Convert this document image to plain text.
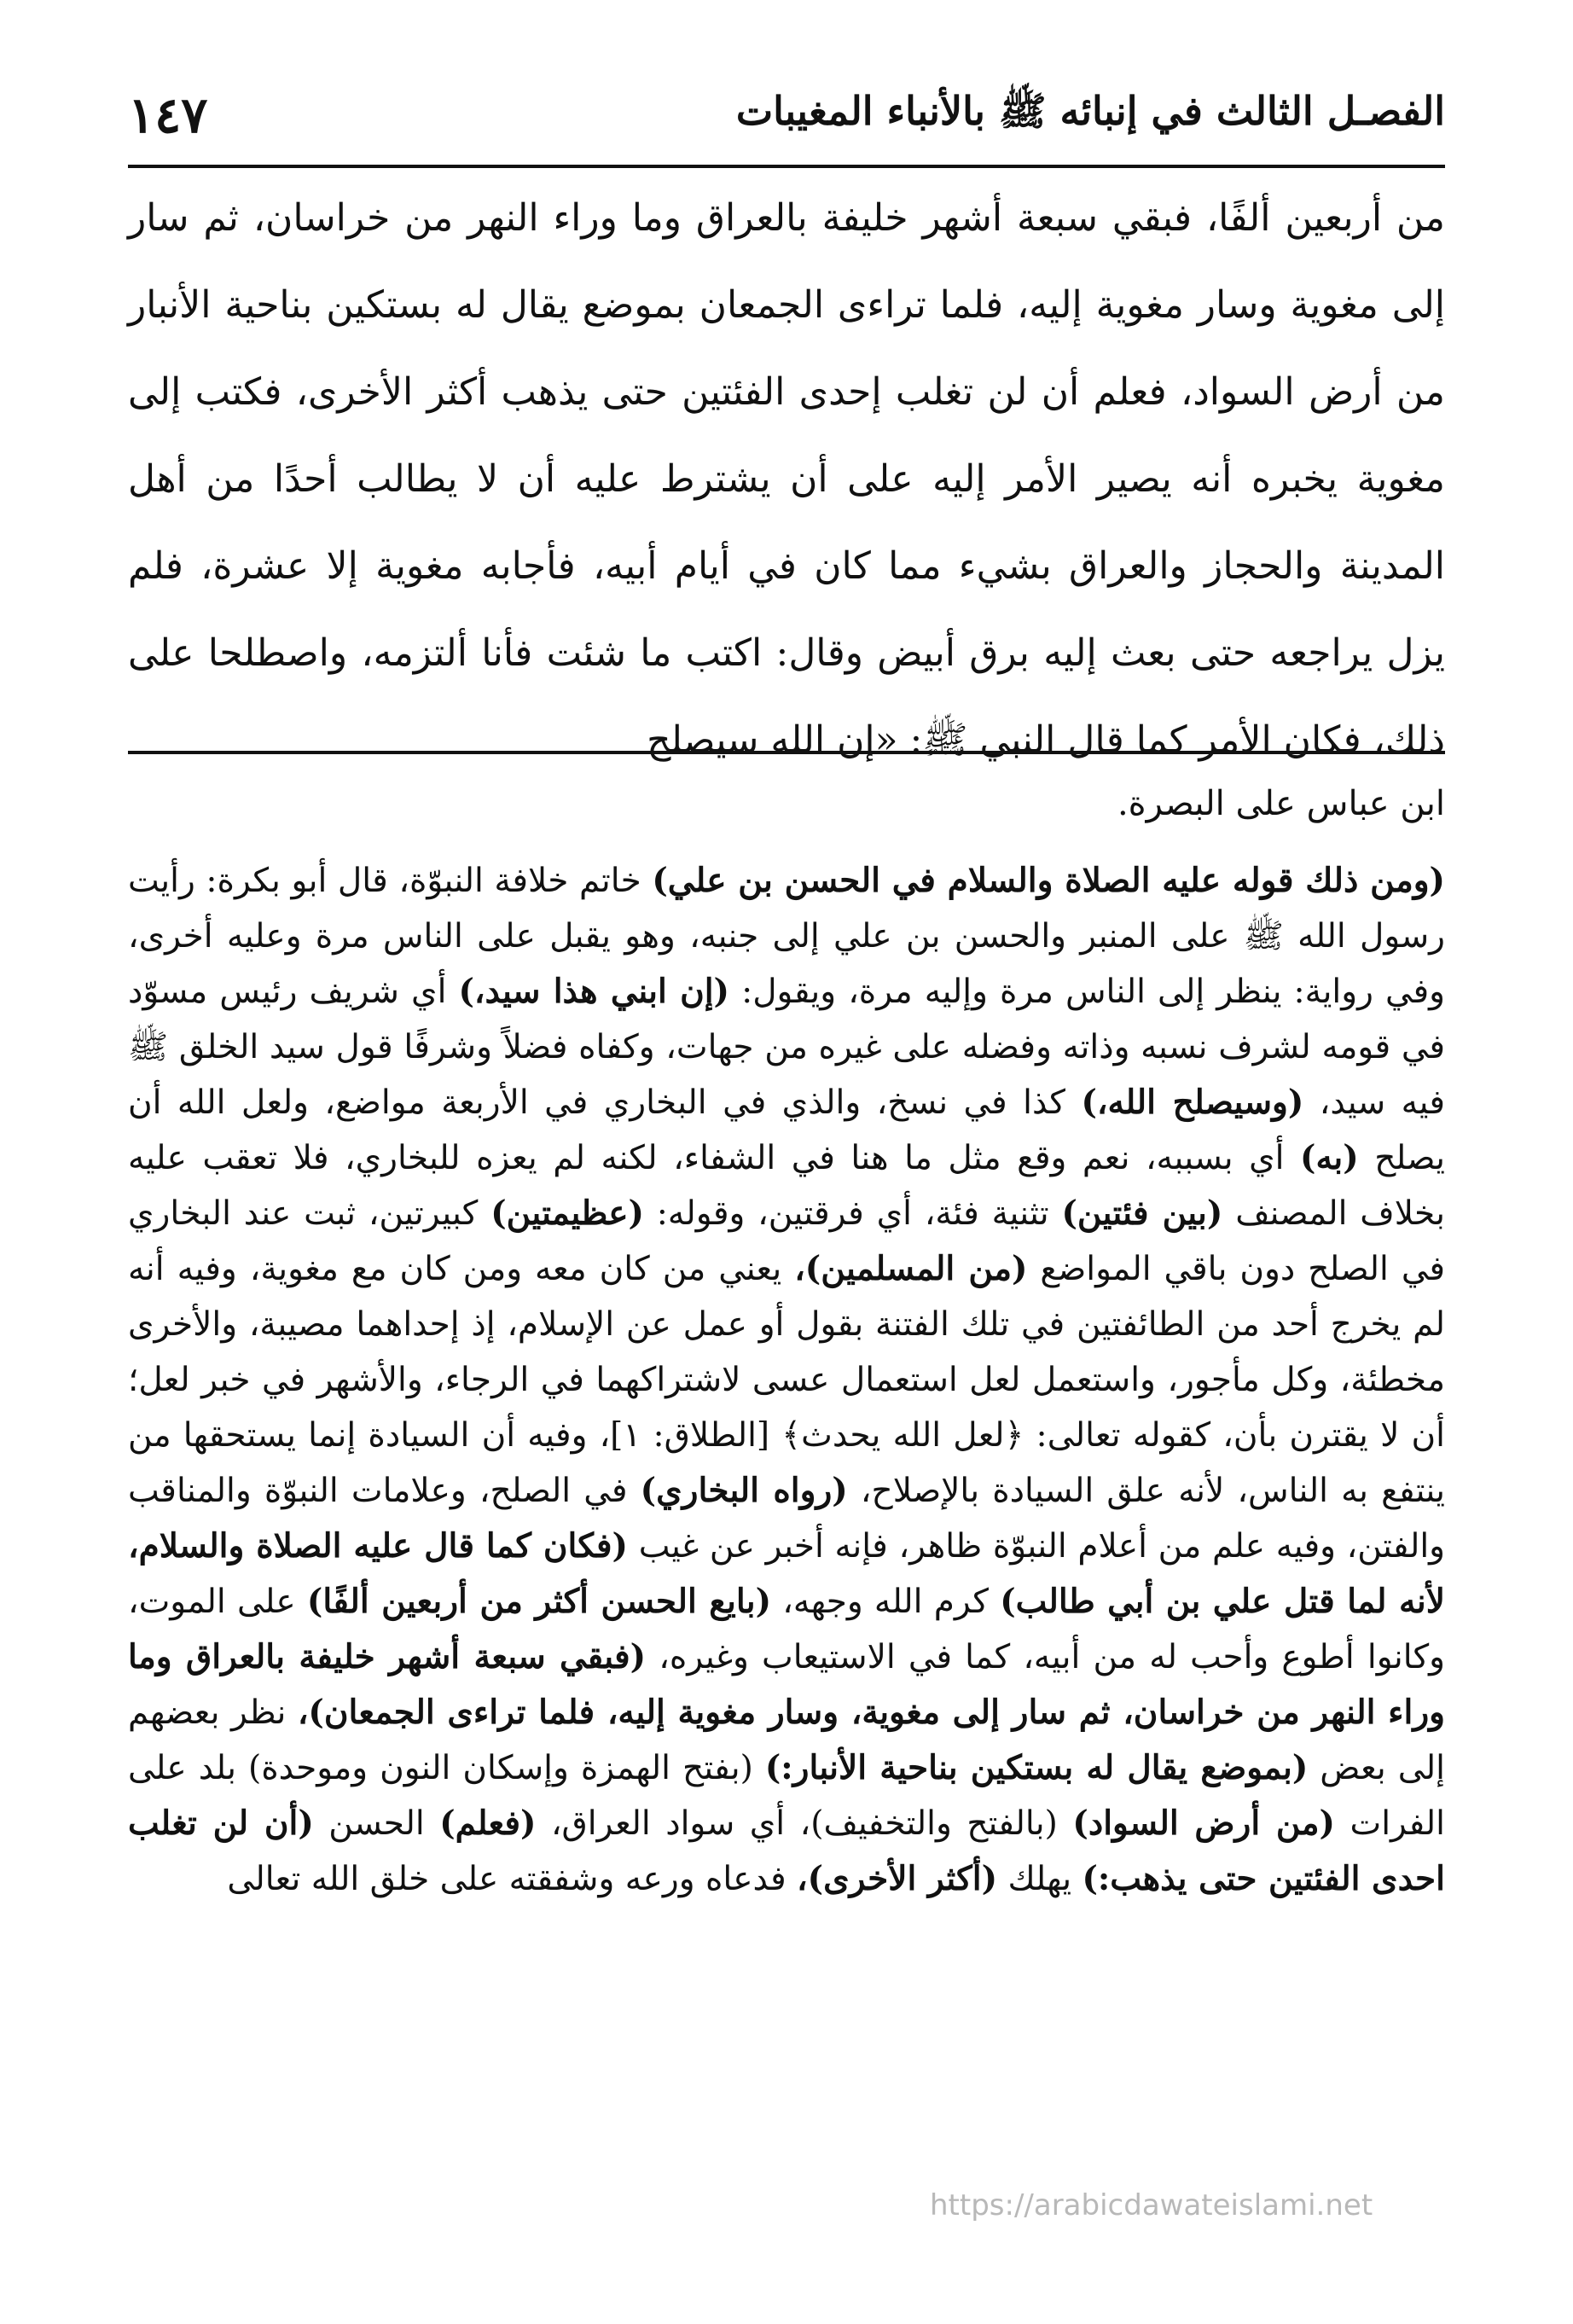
الفصـل الثالث في إنبائه ﷺ بالأنباء المغيبات
١٤٧

من أربعين ألفًا، فبقي سبعة أشهر خليفة بالعراق وما وراء النهر من خراسان، ثم سار إلى مغوية وسار مغوية إليه، فلما تراءى الجمعان بموضع يقال له بستكين بناحية الأنبار من أرض السواد، فعلم أن لن تغلب إحدى الفئتين حتى يذهب أكثر الأخرى، فكتب إلى مغوية يخبره أنه يصير الأمر إليه على أن يشترط عليه أن لا يطالب أحدًا من أهل المدينة والحجاز والعراق بشيء مما كان في أيام أبيه، فأجابه مغوية إلا عشرة، فلم يزل يراجعه حتى بعث إليه برق أبيض وقال: اكتب ما شئت فأنا ألتزمه، واصطلحا على ذلك، فكان الأمر كما قال النبي ﷺ: «إن الله سيصلح

ابن عباس على البصرة.

(ومن ذلك قوله عليه الصلاة والسلام في الحسن بن علي) خاتم خلافة النبوّة، قال أبو بكرة: رأيت رسول الله ﷺ على المنبر والحسن بن علي إلى جنبه، وهو يقبل على الناس مرة وعليه أخرى، وفي رواية: ينظر إلى الناس مرة وإليه مرة، ويقول: (إن ابني هذا سيد،) أي شريف رئيس مسوّد في قومه لشرف نسبه وذاته وفضله على غيره من جهات، وكفاه فضلاً وشرفًا قول سيد الخلق ﷺ فيه سيد، (وسيصلح الله،) كذا في نسخ، والذي في البخاري في الأربعة مواضع، ولعل الله أن يصلح (به) أي بسببه، نعم وقع مثل ما هنا في الشفاء، لكنه لم يعزه للبخاري، فلا تعقب عليه بخلاف المصنف (بين فئتين) تثنية فئة، أي فرقتين، وقوله: (عظيمتين) كبيرتين، ثبت عند البخاري في الصلح دون باقي المواضع (من المسلمين)، يعني من كان معه ومن كان مع مغوية، وفيه أنه لم يخرج أحد من الطائفتين في تلك الفتنة بقول أو عمل عن الإسلام، إذ إحداهما مصيبة، والأخرى مخطئة، وكل مأجور، واستعمل لعل استعمال عسى لاشتراكهما في الرجاء، والأشهر في خبر لعل؛ أن لا يقترن بأن، كقوله تعالى: ﴿لعل الله يحدث﴾ [الطلاق: ١]، وفيه أن السيادة إنما يستحقها من ينتفع به الناس، لأنه علق السيادة بالإصلاح، (رواه البخاري) في الصلح، وعلامات النبوّة والمناقب والفتن، وفيه علم من أعلام النبوّة ظاهر، فإنه أخبر عن غيب (فكان كما قال عليه الصلاة والسلام، لأنه لما قتل علي بن أبي طالب) كرم الله وجهه، (بايع الحسن أكثر من أربعين ألفًا) على الموت، وكانوا أطوع وأحب له من أبيه، كما في الاستيعاب وغيره، (فبقي سبعة أشهر خليفة بالعراق وما وراء النهر من خراسان، ثم سار إلى مغوية، وسار مغوية إليه، فلما تراءى الجمعان)، نظر بعضهم إلى بعض (بموضع يقال له بستكين بناحية الأنبار:) (بفتح الهمزة وإسكان النون وموحدة) بلد على الفرات (من أرض السواد) (بالفتح والتخفيف)، أي سواد العراق، (فعلم) الحسن (أن لن تغلب احدى الفئتين حتى يذهب:) يهلك (أكثر الأخرى)، فدعاه ورعه وشفقته على خلق الله تعالى

https://arabicdawateislami.net
